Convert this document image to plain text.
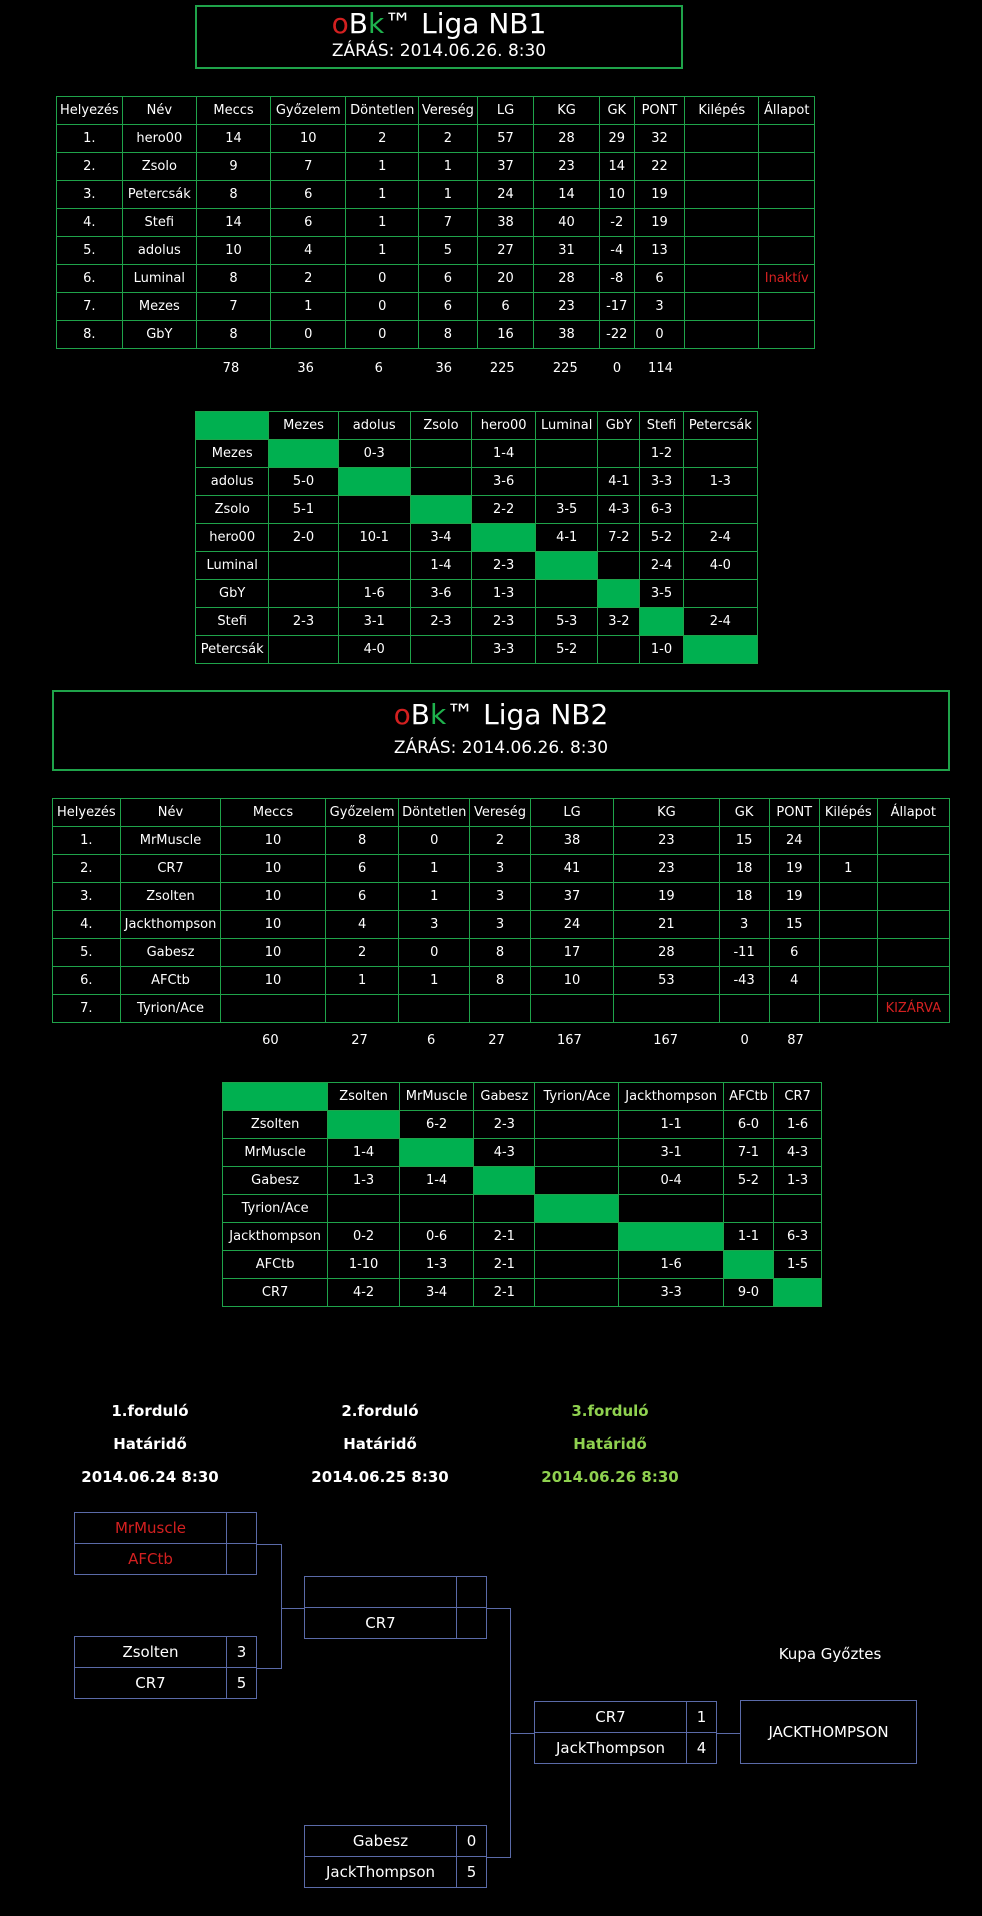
oBk™ Liga NB1
ZÁRÁS: 2014.06.26. 8:30
Helyezés	Név	Meccs	Győzelem	Döntetlen	Vereség	LG	KG	GK	PONT	Kilépés	Állapot
1.	hero00	14	10	2	2	57	28	29	32		
2.	Zsolo	9	7	1	1	37	23	14	22		
3.	Petercsák	8	6	1	1	24	14	10	19		
4.	Stefi	14	6	1	7	38	40	-2	19		
5.	adolus	10	4	1	5	27	31	-4	13		
6.	Luminal	8	2	0	6	20	28	-8	6		Inaktív
7.	Mezes	7	1	0	6	6	23	-17	3		
8.	GbY	8	0	0	8	16	38	-22	0		
		78	36	6	36	225	225	0	114		
	Mezes	adolus	Zsolo	hero00	Luminal	GbY	Stefi	Petercsák
Mezes		0-3		1-4			1-2	
adolus	5-0			3-6		4-1	3-3	1-3
Zsolo	5-1			2-2	3-5	4-3	6-3	
hero00	2-0	10-1	3-4		4-1	7-2	5-2	2-4
Luminal			1-4	2-3			2-4	4-0
GbY		1-6	3-6	1-3			3-5	
Stefi	2-3	3-1	2-3	2-3	5-3	3-2		2-4
Petercsák		4-0		3-3	5-2		1-0	
oBk™ Liga NB2
ZÁRÁS: 2014.06.26. 8:30
Helyezés	Név	Meccs	Győzelem	Döntetlen	Vereség	LG	KG	GK	PONT	Kilépés	Állapot
1.	MrMuscle	10	8	0	2	38	23	15	24		
2.	CR7	10	6	1	3	41	23	18	19	1	
3.	Zsolten	10	6	1	3	37	19	18	19		
4.	Jackthompson	10	4	3	3	24	21	3	15		
5.	Gabesz	10	2	0	8	17	28	-11	6		
6.	AFCtb	10	1	1	8	10	53	-43	4		
7.	Tyrion/Ace										KIZÁRVA
		60	27	6	27	167	167	0	87		
	Zsolten	MrMuscle	Gabesz	Tyrion/Ace	Jackthompson	AFCtb	CR7
Zsolten		6-2	2-3		1-1	6-0	1-6
MrMuscle	1-4		4-3		3-1	7-1	4-3
Gabesz	1-3	1-4			0-4	5-2	1-3
Tyrion/Ace							
Jackthompson	0-2	0-6	2-1			1-1	6-3
AFCtb	1-10	1-3	2-1		1-6		1-5
CR7	4-2	3-4	2-1		3-3	9-0	
1.forduló
Határidő
2014.06.24 8:30
2.forduló
Határidő
2014.06.25 8:30
3.forduló
Határidő
2014.06.26 8:30
MrMuscle
AFCtb
Zsolten	3
CR7	5
CR7
Gabesz	0
JackThompson	5
CR7	1
JackThompson	4
Kupa Győztes
JACKTHOMPSON
